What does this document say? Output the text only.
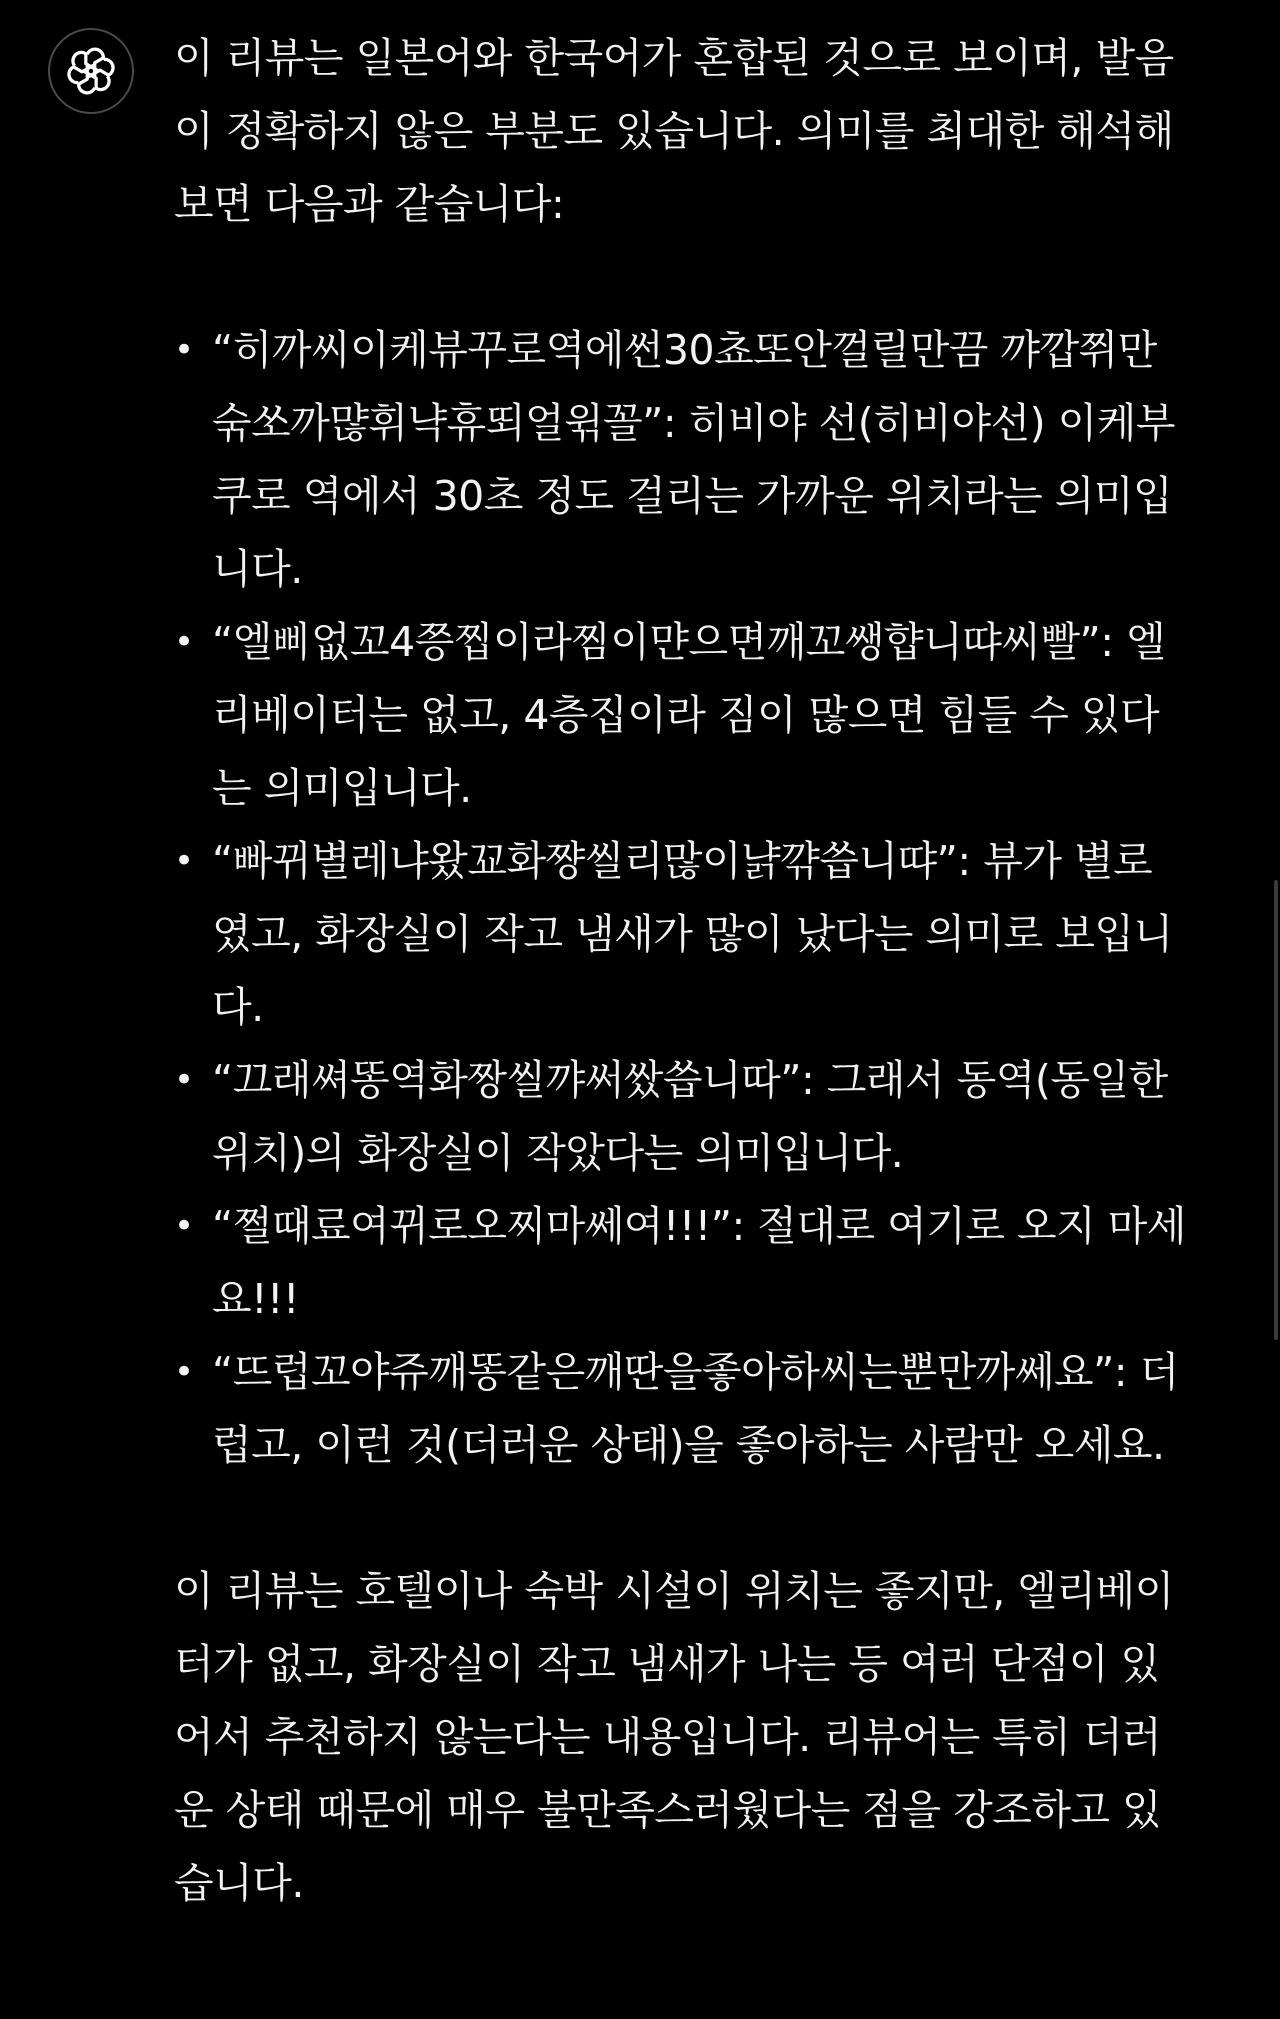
이 리뷰는 일본어와 한국어가 혼합된 것으로 보이며, 발음이 정확하지 않은 부분도 있습니다. 의미를 최대한 해석해보면 다음과 같습니다:

• “히까씨이케뷰꾸로역에썬30쵸또안껄릴만끔 꺄깝쮜만숚쏘까먆휘냑휴뙤얼윆꼴”: 히비야 선(히비야선) 이케부쿠로 역에서 30초 정도 걸리는 가까운 위치라는 의미입니다.
• “엘삐없꼬4쯩찝이라찜이먄으면깨꼬쌩햡니땨씨빨”: 엘리베이터는 없고, 4층집이라 짐이 많으면 힘들 수 있다는 의미입니다.
• “빠뀌별레냐왔꾜화쨩씰리많이냙꺆씁니땨”: 뷰가 별로였고, 화장실이 작고 냄새가 많이 났다는 의미로 보입니다.
• “끄래쎠똥역화짱씰꺄써쌌씁니따”: 그래서 동역(동일한 위치)의 화장실이 작았다는 의미입니다.
• “쩔때료여뀌로오찌마쎄여!!!”: 절대로 여기로 오지 마세요!!!
• “뜨럽꼬야쥬깨똥같은깨딴을좋아하씨는뿐만까쎄요”: 더럽고, 이런 것(더러운 상태)을 좋아하는 사람만 오세요.

이 리뷰는 호텔이나 숙박 시설이 위치는 좋지만, 엘리베이터가 없고, 화장실이 작고 냄새가 나는 등 여러 단점이 있어서 추천하지 않는다는 내용입니다. 리뷰어는 특히 더러운 상태 때문에 매우 불만족스러웠다는 점을 강조하고 있습니다.
